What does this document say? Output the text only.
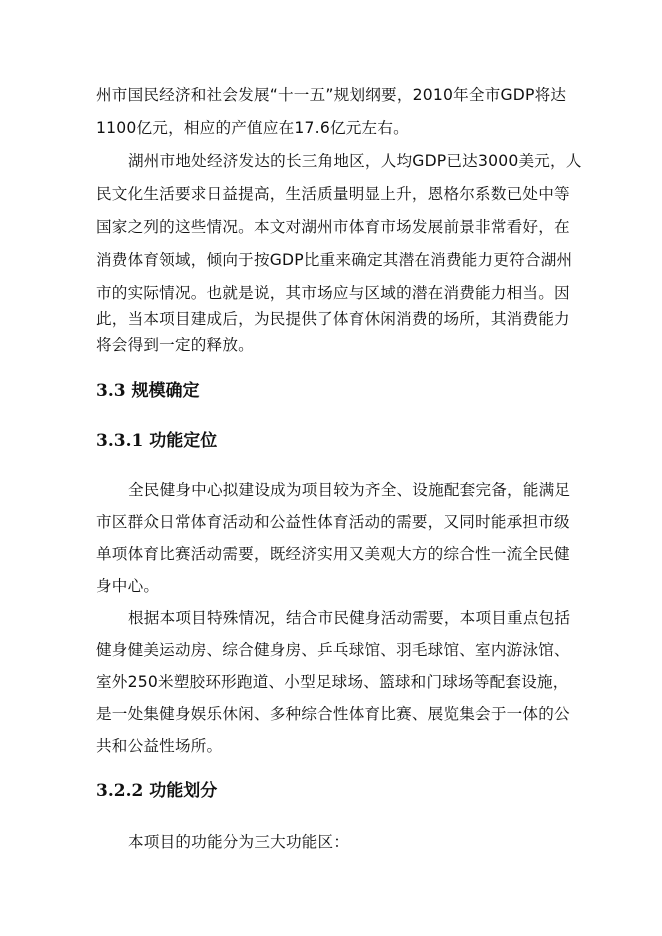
州市国民经济和社会发展“十一五”规划纲要，2010年全市GDP将达
1100亿元，相应的产值应在17.6亿元左右。
湖州市地处经济发达的长三角地区，人均GDP已达3000美元，人
民文化生活要求日益提高，生活质量明显上升，恩格尔系数已处中等
国家之列的这些情况。本文对湖州市体育市场发展前景非常看好，在
消费体育领域，倾向于按GDP比重来确定其潜在消费能力更符合湖州
市的实际情况。也就是说，其市场应与区域的潜在消费能力相当。因
此，当本项目建成后，为民提供了体育休闲消费的场所，其消费能力
将会得到一定的释放。
3.3 规模确定
3.3.1 功能定位
全民健身中心拟建设成为项目较为齐全、设施配套完备，能满足
市区群众日常体育活动和公益性体育活动的需要，又同时能承担市级
单项体育比赛活动需要，既经济实用又美观大方的综合性一流全民健
身中心。
根据本项目特殊情况，结合市民健身活动需要，本项目重点包括
健身健美运动房、综合健身房、乒乓球馆、羽毛球馆、室内游泳馆、
室外250米塑胶环形跑道、小型足球场、篮球和门球场等配套设施，
是一处集健身娱乐休闲、多种综合性体育比赛、展览集会于一体的公
共和公益性场所。
3.2.2 功能划分
本项目的功能分为三大功能区：
